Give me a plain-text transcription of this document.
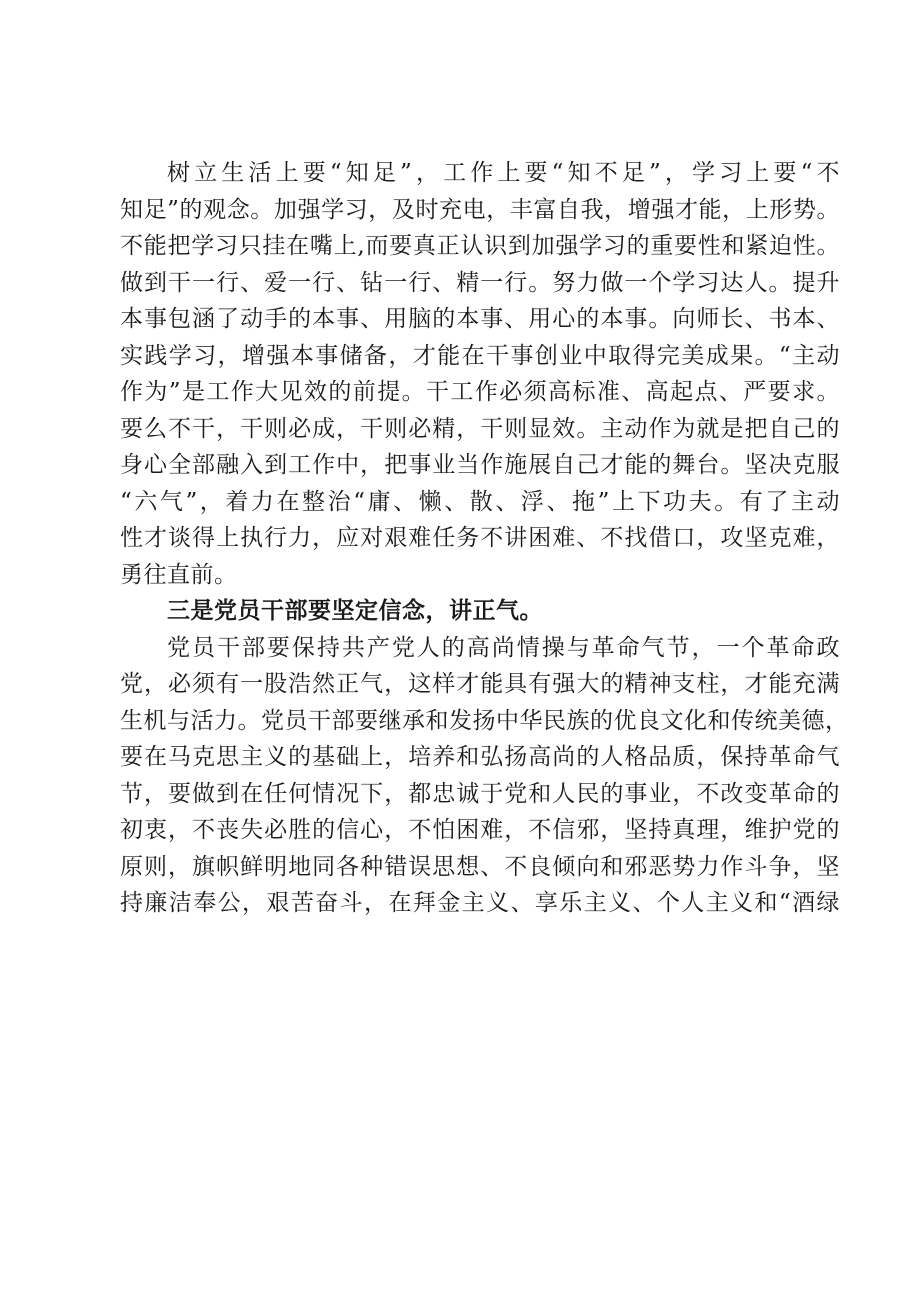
树立生活上要“知足”，工作上要“知不足”，学习上要“不
知足”的观念。加强学习，及时充电，丰富自我，增强才能，上形势。
不能把学习只挂在嘴上,而要真正认识到加强学习的重要性和紧迫性。
做到干一行、爱一行、钻一行、精一行。努力做一个学习达人。提升
本事包涵了动手的本事、用脑的本事、用心的本事。向师长、书本、
实践学习，增强本事储备，才能在干事创业中取得完美成果。“主动
作为”是工作大见效的前提。干工作必须高标准、高起点、严要求。
要么不干，干则必成，干则必精，干则显效。主动作为就是把自己的
身心全部融入到工作中，把事业当作施展自己才能的舞台。坚决克服
“六气”，着力在整治“庸、懒、散、浮、拖”上下功夫。有了主动
性才谈得上执行力，应对艰难任务不讲困难、不找借口，攻坚克难，
勇往直前。
三是党员干部要坚定信念，讲正气。
党员干部要保持共产党人的高尚情操与革命气节，一个革命政
党，必须有一股浩然正气，这样才能具有强大的精神支柱，才能充满
生机与活力。党员干部要继承和发扬中华民族的优良文化和传统美德，
要在马克思主义的基础上，培养和弘扬高尚的人格品质，保持革命气
节，要做到在任何情况下，都忠诚于党和人民的事业，不改变革命的
初衷，不丧失必胜的信心，不怕困难，不信邪，坚持真理，维护党的
原则，旗帜鲜明地同各种错误思想、不良倾向和邪恶势力作斗争，坚
持廉洁奉公，艰苦奋斗，在拜金主义、享乐主义、个人主义和“酒绿
